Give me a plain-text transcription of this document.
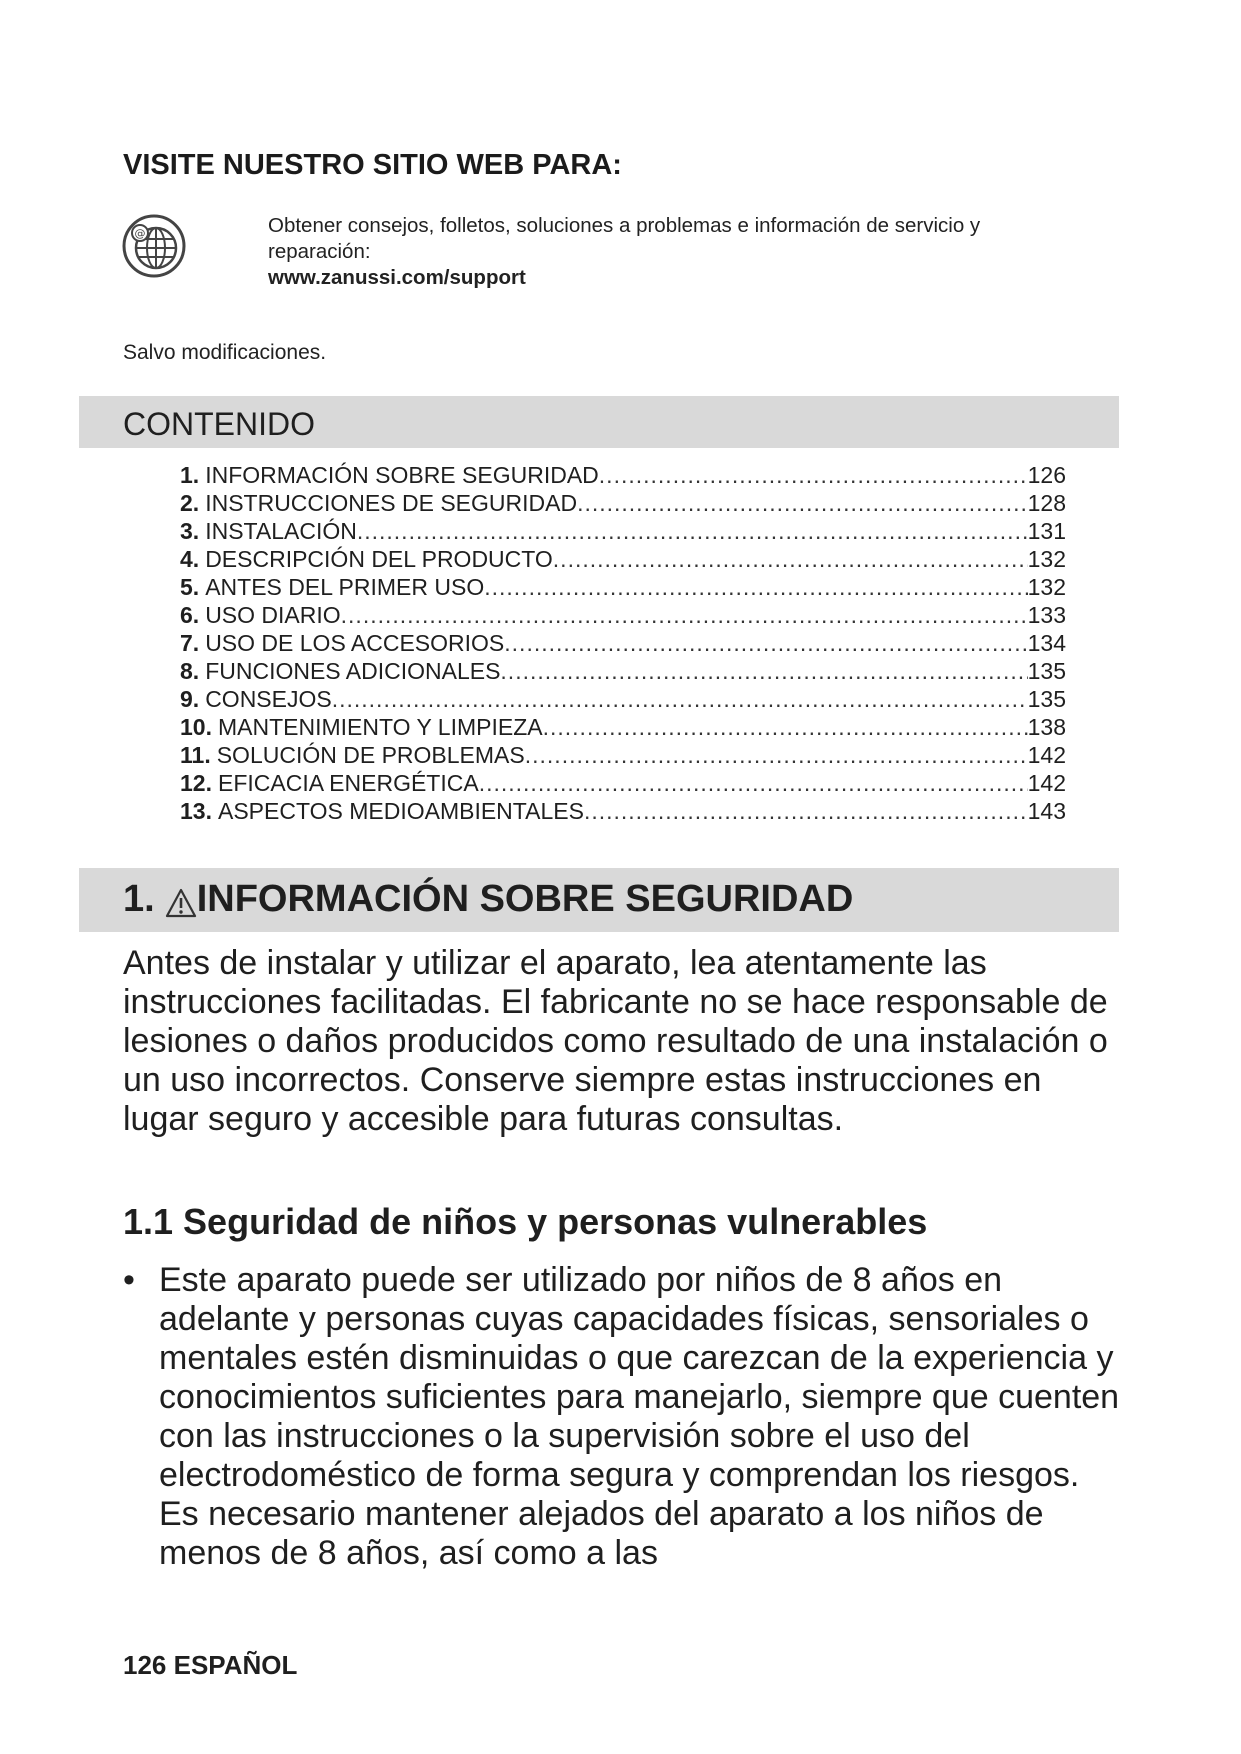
VISITE NUESTRO SITIO WEB PARA:
@	Obtener consejos, folletos, soluciones a problemas e información de servicio y reparación:
www.zanussi.com/support
Salvo modificaciones.
CONTENIDO
1. INFORMACIÓN SOBRE SEGURIDAD .....	126
2. INSTRUCCIONES DE SEGURIDAD .....	128
3. INSTALACIÓN .....	131
4. DESCRIPCIÓN DEL PRODUCTO .....	132
5. ANTES DEL PRIMER USO .....	132
6. USO DIARIO .....	133
7. USO DE LOS ACCESORIOS .....	134
8. FUNCIONES ADICIONALES .....	135
9. CONSEJOS .....	135
10. MANTENIMIENTO Y LIMPIEZA .....	138
11. SOLUCIÓN DE PROBLEMAS .....	142
12. EFICACIA ENERGÉTICA .....	142
13. ASPECTOS MEDIOAMBIENTALES .....	143
1. INFORMACIÓN SOBRE SEGURIDAD
Antes de instalar y utilizar el aparato, lea atentamente las instrucciones facilitadas. El fabricante no se hace responsable de lesiones o daños producidos como resultado de una instalación o un uso incorrectos. Conserve siempre estas instrucciones en lugar seguro y accesible para futuras consultas.
1.1 Seguridad de niños y personas vulnerables
• Este aparato puede ser utilizado por niños de 8 años en adelante y personas cuyas capacidades físicas, sensoriales o mentales estén disminuidas o que carezcan de la experiencia y conocimientos suficientes para manejarlo, siempre que cuenten con las instrucciones o la supervisión sobre el uso del electrodoméstico de forma segura y comprendan los riesgos. Es necesario mantener alejados del aparato a los niños de menos de 8 años, así como a las
126 ESPAÑOL
